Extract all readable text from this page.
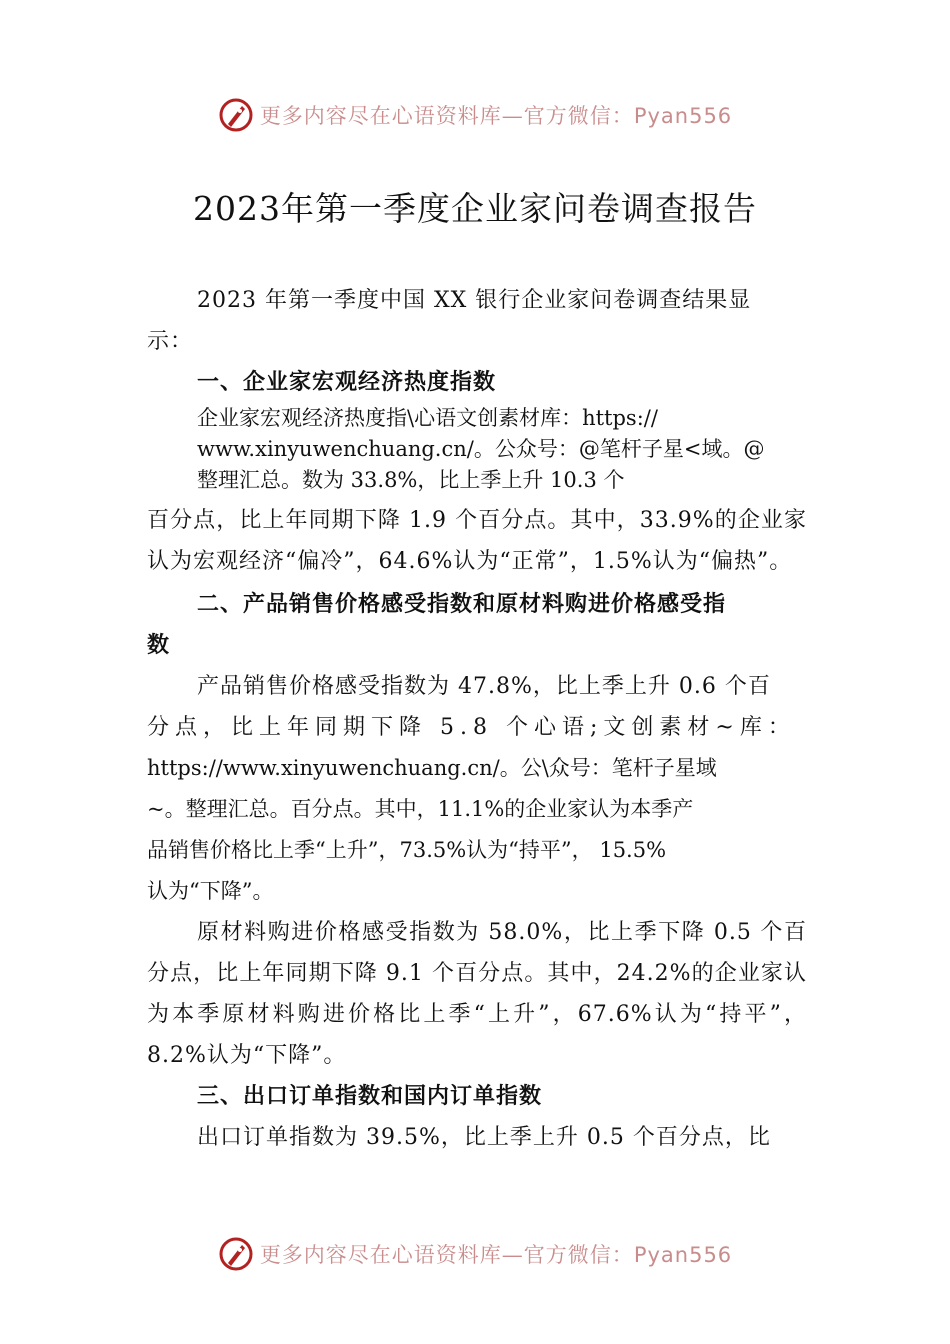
更多内容尽在心语资料库—官方微信：Pyan556
2023年第一季度企业家问卷调查报告

2023 年第一季度中国 XX 银行企业家问卷调查结果显

示：

一、企业家宏观经济热度指数

企业家宏观经济热度指\心语文创素材库：https://
www.xinyuwenchuang.cn/。公众号：@笔杆子星<域。@
整理汇总。数为 33.8%，比上季上升 10.3 个

百分点，比上年同期下降 1.9 个百分点。其中，33.9%的企业家认为宏观经济“偏冷”，64.6%认为“正常”，1.5%认为“偏热”。

二、产品销售价格感受指数和原材料购进价格感受指

数

产品销售价格感受指数为 47.8%，比上季上升 0.6 个百

分点，比上年同期下降 5.8 个心语;文创素材~库：

https://www.xinyuwenchuang.cn/。公\众号：笔杆子星域

~。整理汇总。百分点。其中，11.1%的企业家认为本季产

品销售价格比上季“上升”，73.5%认为“持平”， 15.5%

认为“下降”。

原材料购进价格感受指数为 58.0%，比上季下降 0.5 个百分点，比上年同期下降 9.1 个百分点。其中，24.2%的企业家认为本季原材料购进价格比上季“上升”，67.6%认为“持平”，8.2%认为“下降”。

三、出口订单指数和国内订单指数

出口订单指数为 39.5%，比上季上升 0.5 个百分点，比

更多内容尽在心语资料库—官方微信：Pyan556
